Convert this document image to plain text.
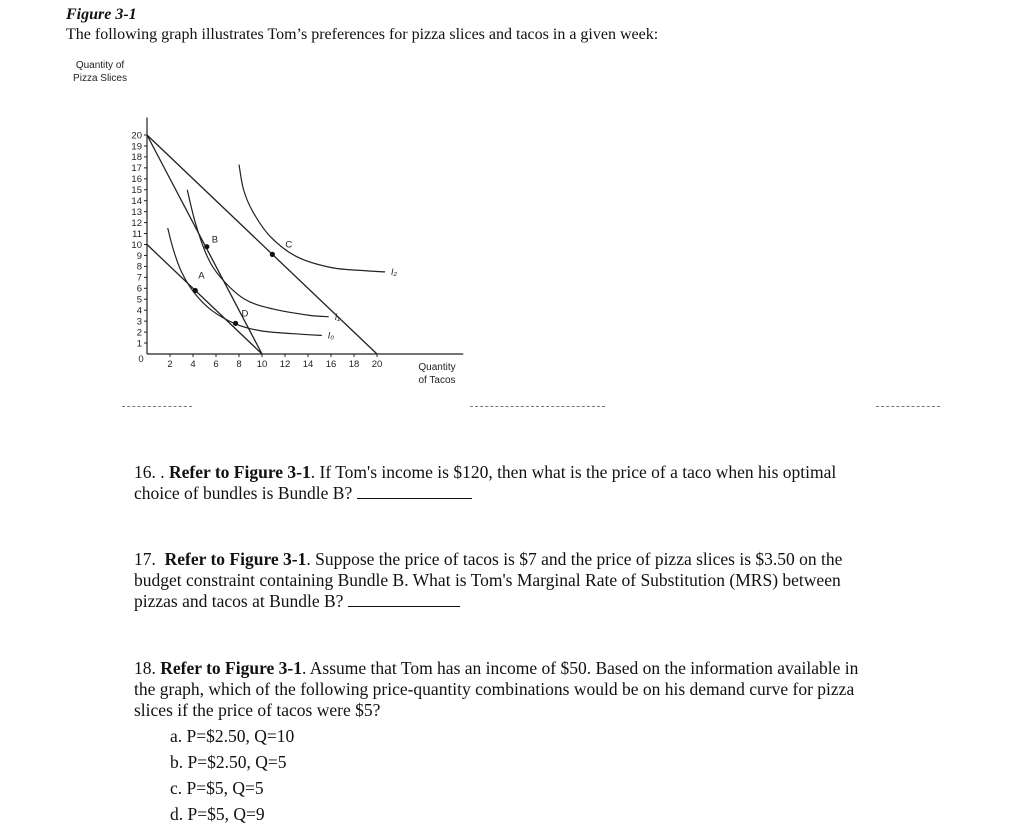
Figure 3-1
The following graph illustrates Tom’s preferences for pizza slices and tacos in a given week:
Quantity of
Pizza Slices
Quantity
of Tacos
0
1
2
3
4
5
6
7
8
9
10
11
12
13
14
15
16
17
18
19
20
2 4 6 8 10 12 14 16 18 20
I₀
I₁
I₂
A
B	C
D
16. . Refer to Figure 3-1. If Tom's income is $120, then what is the price of a taco when his optimal
choice of bundles is Bundle B?
17. Refer to Figure 3-1. Suppose the price of tacos is $7 and the price of pizza slices is $3.50 on the
budget constraint containing Bundle B. What is Tom's Marginal Rate of Substitution (MRS) between
pizzas and tacos at Bundle B?
18. Refer to Figure 3-1. Assume that Tom has an income of $50. Based on the information available in
the graph, which of the following price-quantity combinations would be on his demand curve for pizza
slices if the price of tacos were $5?
a. P=$2.50, Q=10
b. P=$2.50, Q=5
c. P=$5, Q=5
d. P=$5, Q=9
